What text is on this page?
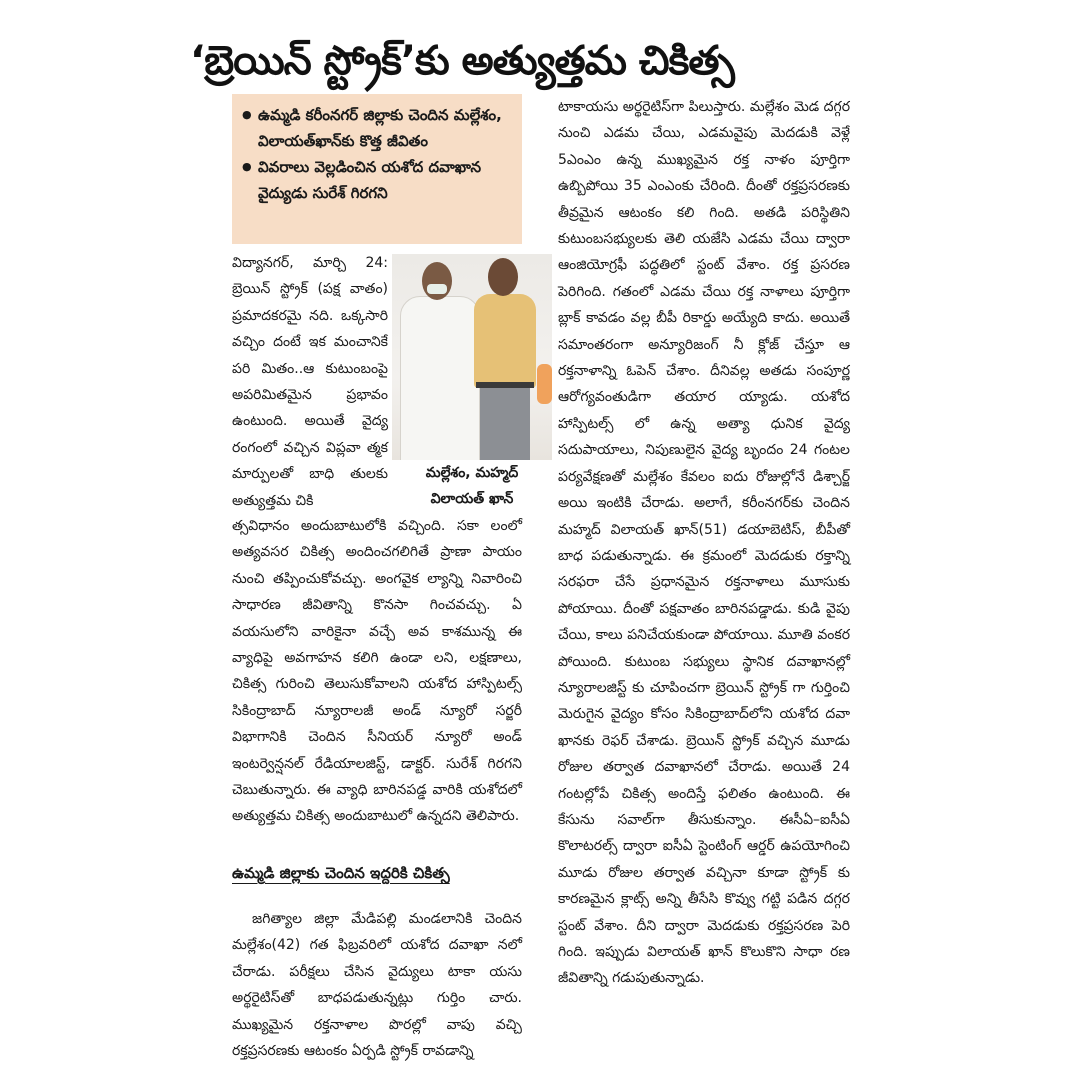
‘బ్రెయిన్ స్ట్రోక్’కు అత్యుత్తమ చికిత్స
● ఉమ్మడి కరీంనగర్ జిల్లాకు చెందిన మల్లేశం, విలాయత్‌ఖాన్‌కు కొత్త జీవితం
● వివరాలు వెల్లడించిన యశోద దవాఖాన వైద్యుడు సురేశ్ గిరగని

విద్యానగర్, మార్చి 24: బ్రెయిన్ స్ట్రోక్ (పక్ష వాతం) ప్రమాదకరమై నది. ఒక్కసారి వచ్చిం దంటే ఇక మంచానికే పరి మితం..ఆ కుటుంబంపై అపరిమితమైన ప్రభావం ఉంటుంది. అయితే వైద్య రంగంలో వచ్చిన విప్లవా త్మక మార్పులతో బాధి తులకు అత్యుత్తమ చికి

మల్లేశం, మహ్మద్
విలాయత్ ఖాన్

త్సవిధానం అందుబాటులోకి వచ్చింది. సకా లంలో అత్యవసర చికిత్స అందించగలిగితే ప్రాణా పాయం నుంచి తప్పించుకోవచ్చు. అంగవైక ల్యాన్ని నివారించి సాధారణ జీవితాన్ని కొనసా గించవచ్చు. ఏ వయసులోని వారికైనా వచ్చే అవ కాశమున్న ఈ వ్యాధిపై అవగాహన కలిగి ఉండా లని, లక్షణాలు, చికిత్స గురించి తెలుసుకోవాలని యశోద హాస్పిటల్స్ సికింద్రాబాద్ న్యూరాలజీ అండ్ న్యూరో సర్జరీ విభాగానికి చెందిన సీనియర్ న్యూరో అండ్ ఇంటర్వెన్షనల్ రేడియాలజిస్ట్, డాక్టర్. సురేశ్ గిరగని చెబుతున్నారు. ఈ వ్యాధి బారినపడ్డ వారికి యశోదలో అత్యుత్తమ చికిత్స అందుబాటులో ఉన్నదని తెలిపారు.

ఉమ్మడి జిల్లాకు చెందిన ఇద్దరికి చికిత్స

జగిత్యాల జిల్లా మేడిపల్లి మండలానికి చెందిన మల్లేశం(42) గత ఫిబ్రవరిలో యశోద దవాఖా నలో చేరాడు. పరీక్షలు చేసిన వైద్యులు టాకా యసు అర్థరైటిస్‌తో బాధపడుతున్నట్లు గుర్తిం చారు. ముఖ్యమైన రక్తనాళాల పొరల్లో వాపు వచ్చి రక్తప్రసరణకు ఆటంకం ఏర్పడి స్ట్రోక్ రావడాన్ని

టాకాయసు అర్థరైటిస్‌గా పిలుస్తారు. మల్లేశం మెడ దగ్గర నుంచి ఎడమ చేయి, ఎడమవైపు మెదడుకి వెళ్లే 5ఎంఎం ఉన్న ముఖ్యమైన రక్త నాళం పూర్తిగా ఉబ్బిపోయి 35 ఎంఎంకు చేరింది. దీంతో రక్తప్రసరణకు తీవ్రమైన ఆటంకం కలి గింది. అతడి పరిస్థితిని కుటుంబసభ్యులకు తెలి యజేసి ఎడమ చేయి ద్వారా ఆంజియోగ్రఫీ పద్ధతిలో స్టంట్ వేశాం. రక్త ప్రసరణ పెరిగింది. గతంలో ఎడమ చేయి రక్త నాళాలు పూర్తిగా బ్లాక్ కావడం వల్ల బీపీ రికార్డు అయ్యేది కాదు. అయితే సమాంతరంగా అన్యూరిజంగ్ నీ క్లోజ్ చేస్తూ ఆ రక్తనాళాన్ని ఓపెన్ చేశాం. దీనివల్ల అతడు సంపూర్ణ ఆరోగ్యవంతుడిగా తయార య్యాడు. యశోద హాస్పిటల్స్ లో ఉన్న అత్యా ధునిక వైద్య సదుపాయాలు, నిపుణులైన వైద్య బృందం 24 గంటల పర్యవేక్షణతో మల్లేశం కేవలం ఐదు రోజుల్లోనే డిశ్చార్జ్ అయి ఇంటికి చేరాడు. అలాగే, కరీంనగర్‌కు చెందిన మహ్మద్ విలాయత్ ఖాన్(51) డయాబెటిస్, బీపీతో బాధ పడుతున్నాడు. ఈ క్రమంలో మెదడుకు రక్తాన్ని సరఫరా చేసే ప్రధానమైన రక్తనాళాలు మూసుకు పోయాయి. దీంతో పక్షవాతం బారినపడ్డాడు. కుడి వైపు చేయి, కాలు పనిచేయకుండా పోయాయి. మూతి వంకర పోయింది. కుటుంబ సభ్యులు స్థానిక దవాఖానల్లో న్యూరాలజిస్ట్ కు చూపించగా బ్రెయిన్ స్ట్రోక్ గా గుర్తించి మెరుగైన వైద్యం కోసం సికింద్రాబాద్‌లోని యశోద దవా ఖానకు రెఫర్ చేశాడు. బ్రెయిన్ స్ట్రోక్ వచ్చిన మూడు రోజుల తర్వాత దవాఖానలో చేరాడు. అయితే 24 గంటల్లోపే చికిత్స అందిస్తే ఫలితం ఉంటుంది. ఈ కేసును సవాల్‌గా తీసుకున్నాం. ఈసీఏ–ఐసీఏ కొలాటరల్స్ ద్వారా ఐసీఏ స్టెంటింగ్ ఆర్డర్ ఉపయోగించి మూడు రోజుల తర్వాత వచ్చినా కూడా స్ట్రోక్ కు కారణమైన క్లాట్స్ అన్ని తీసేసి కొవ్వు గట్టి పడిన దగ్గర స్టంట్ వేశాం. దీని ద్వారా మెదడుకు రక్తప్రసరణ పెరి గింది. ఇప్పుడు విలాయత్ ఖాన్ కొలుకొని సాధా రణ జీవితాన్ని గడుపుతున్నాడు.
